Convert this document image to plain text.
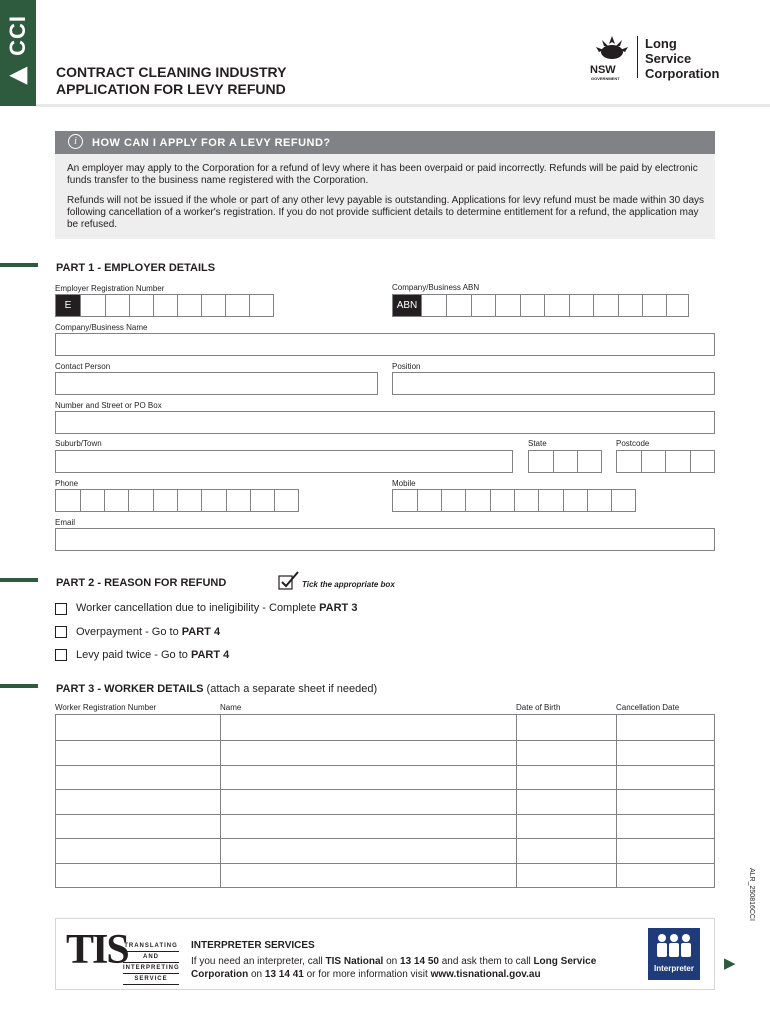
▶ CCI CONTRACT CLEANING INDUSTRY
APPLICATION FOR LEVY REFUND
NSW
GOVERNMENT
Long
Service
Corporation
i	HOW CAN I APPLY FOR A LEVY REFUND?
An employer may apply to the Corporation for a refund of levy where it has been overpaid or paid incorrectly. Refunds will be paid by electronic funds transfer to the business name registered with the Corporation.
Refunds will not be issued if the whole or part of any other levy payable is outstanding. Applications for levy refund must be made within 30 days following cancellation of a worker's registration. If you do not provide sufficient details to determine entitlement for a refund, the application may be refused.
PART 1 - EMPLOYER DETAILS
Employer Registration Number
E
Company/Business ABN
ABN
Company/Business Name
Contact Person	Position
Number and Street or PO Box
Suburb/Town	State	Postcode
Phone	Mobile
Email
PART 2 - REASON FOR REFUND	Tick the appropriate box
Worker cancellation due to ineligibility - Complete PART 3
Overpayment - Go to PART 4
Levy paid twice - Go to PART 4
PART 3 - WORKER DETAILS (attach a separate sheet if needed)
Worker Registration Number	Name	Date of Birth	Cancellation Date
ALR_250816CCI
TIS
TRANSLATING
AND
INTERPRETING
SERVICE
INTERPRETER SERVICES
If you need an interpreter, call TIS National on 13 14 50 and ask them to call Long Service Corporation on 13 14 41 or for more information visit www.tisnational.gov.au
Interpreter	▶
